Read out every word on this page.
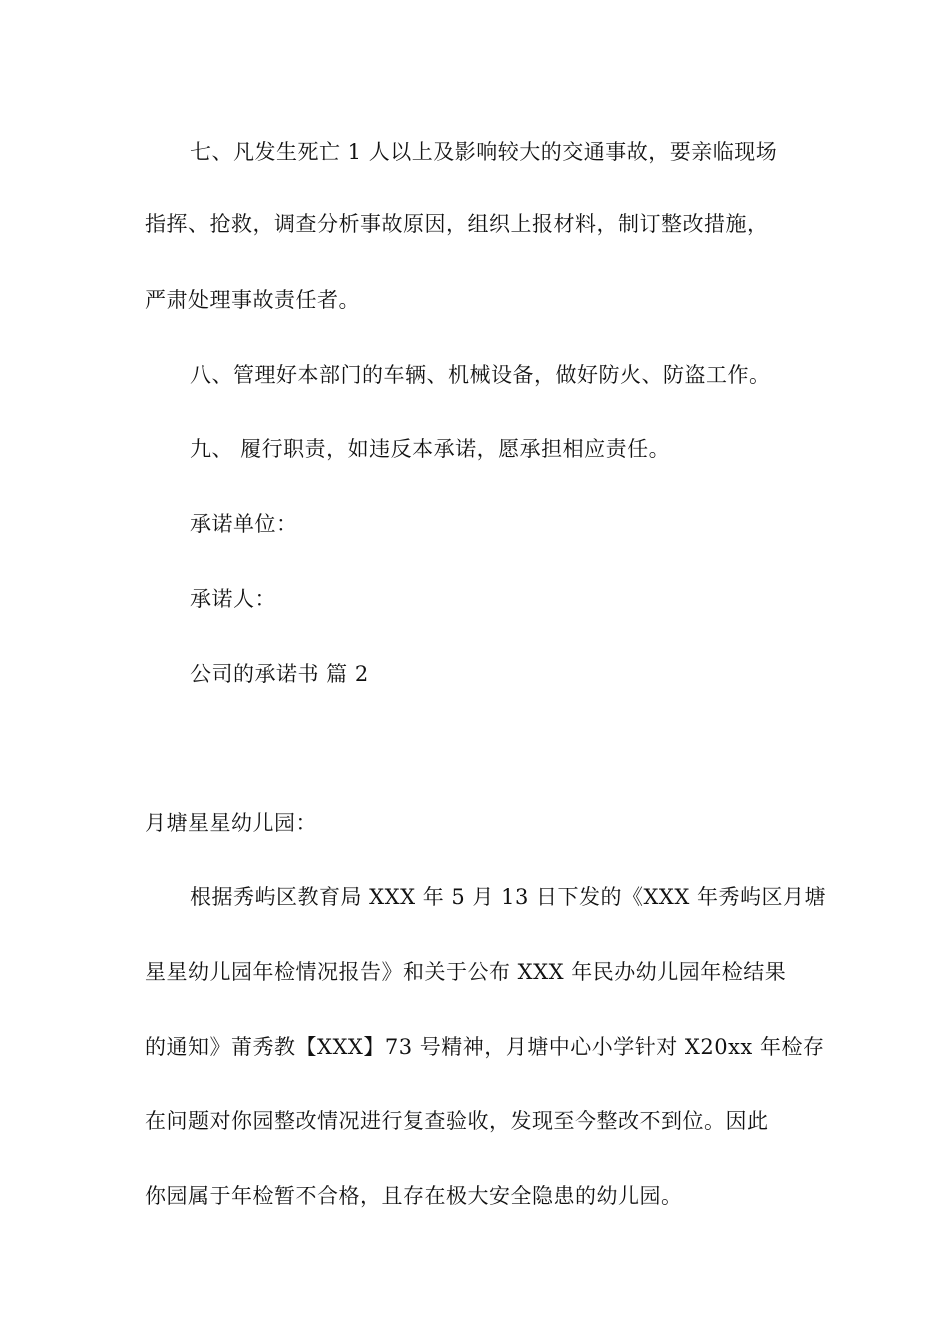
七、凡发生死亡 1 人以上及影响较大的交通事故，要亲临现场
指挥、抢救，调查分析事故原因，组织上报材料，制订整改措施，
严肃处理事故责任者。
八、管理好本部门的车辆、机械设备，做好防火、防盗工作。
九、 履行职责，如违反本承诺，愿承担相应责任。
承诺单位：
承诺人：
公司的承诺书 篇 2
月塘星星幼儿园：
根据秀屿区教育局 XXX 年 5 月 13 日下发的《XXX 年秀屿区月塘
星星幼儿园年检情况报告》和关于公布 XXX 年民办幼儿园年检结果
的通知》莆秀教【XXX】73 号精神，月塘中心小学针对 X20xx 年检存
在问题对你园整改情况进行复查验收，发现至今整改不到位。因此
你园属于年检暂不合格，且存在极大安全隐患的幼儿园。
